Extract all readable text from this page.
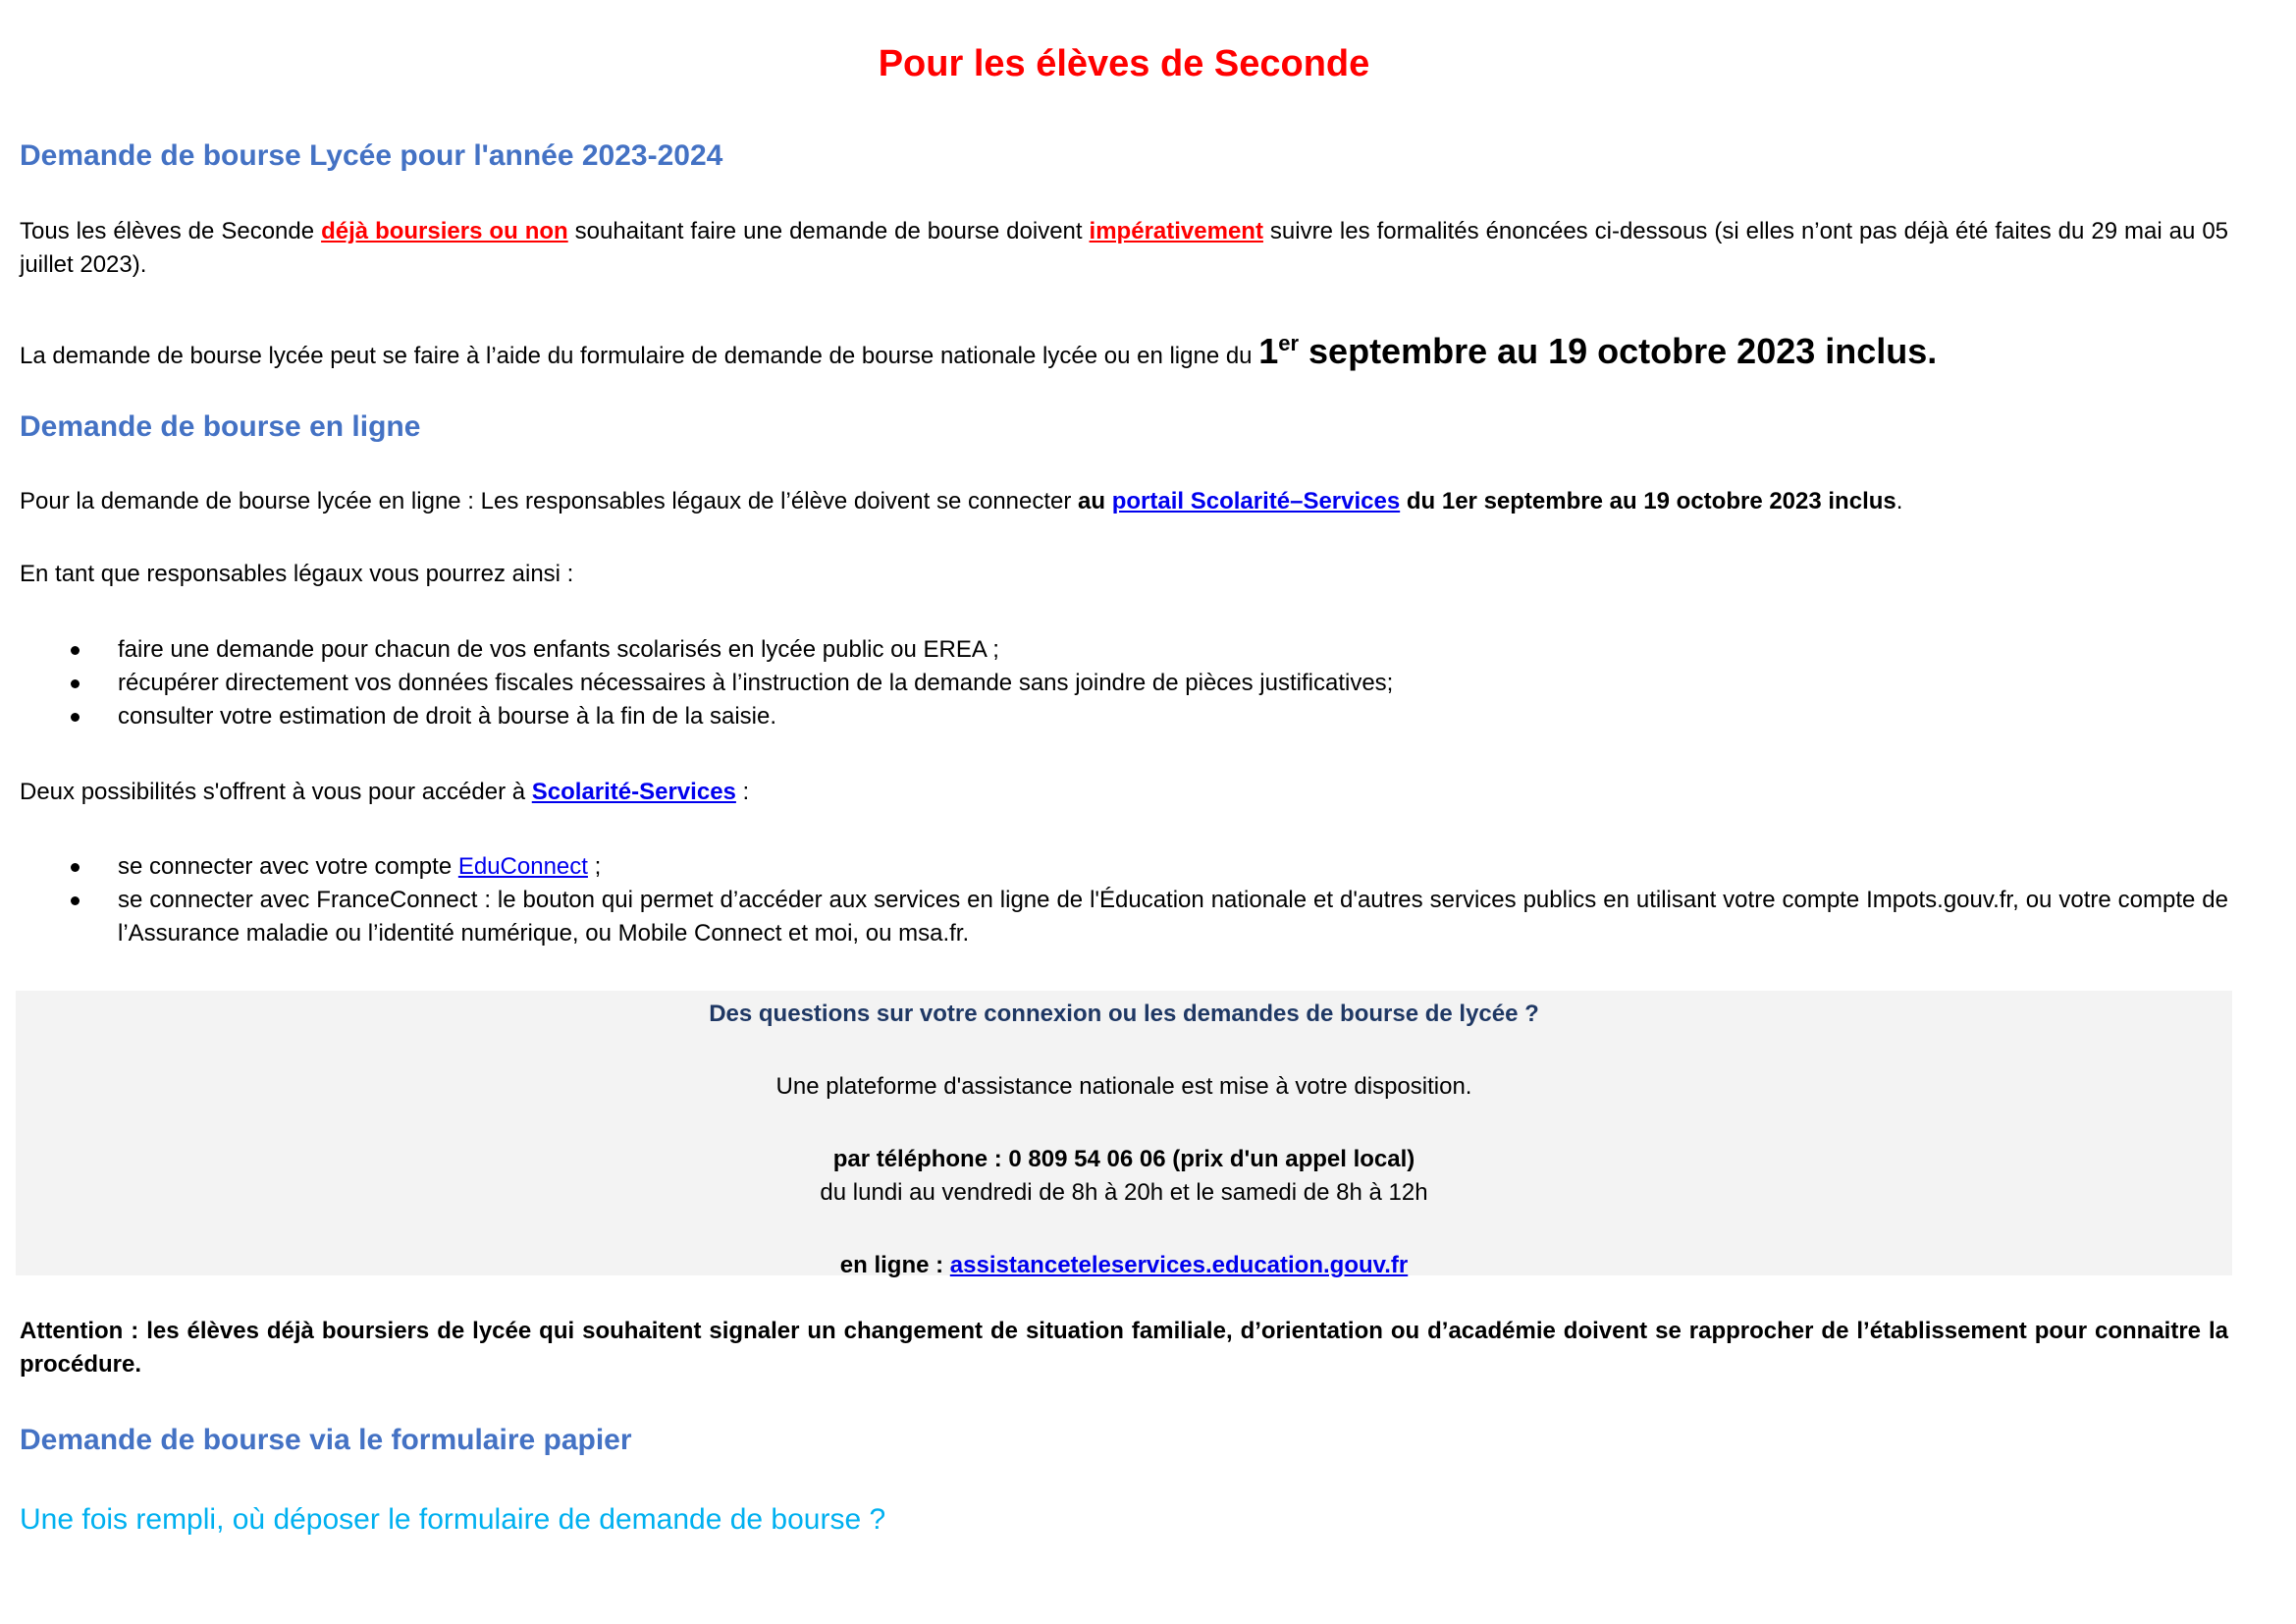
Pour les élèves de Seconde
Demande de bourse Lycée pour l'année 2023-2024

Tous les élèves de Seconde déjà boursiers ou non souhaitant faire une demande de bourse doivent impérativement suivre les formalités énoncées ci-dessous (si elles n’ont pas déjà été faites du 29 mai au 05 juillet 2023).

La demande de bourse lycée peut se faire à l’aide du formulaire de demande de bourse nationale lycée ou en ligne du 1er septembre au 19 octobre 2023 inclus.

Demande de bourse en ligne

Pour la demande de bourse lycée en ligne : Les responsables légaux de l’élève doivent se connecter au portail Scolarité–Services du 1er septembre au 19 octobre 2023 inclus.

En tant que responsables légaux vous pourrez ainsi :

faire une demande pour chacun de vos enfants scolarisés en lycée public ou EREA ;
récupérer directement vos données fiscales nécessaires à l’instruction de la demande sans joindre de pièces justificatives;
consulter votre estimation de droit à bourse à la fin de la saisie.

Deux possibilités s'offrent à vous pour accéder à Scolarité-Services :

se connecter avec votre compte EduConnect ;
se connecter avec FranceConnect : le bouton qui permet d’accéder aux services en ligne de l'Éducation nationale et d'autres services publics en utilisant votre compte Impots.gouv.fr, ou votre compte de l’Assurance maladie ou l’identité numérique, ou Mobile Connect et moi, ou msa.fr.

Des questions sur votre connexion ou les demandes de bourse de lycée ?

Une plateforme d'assistance nationale est mise à votre disposition.

par téléphone : 0 809 54 06 06 (prix d'un appel local)

du lundi au vendredi de 8h à 20h et le samedi de 8h à 12h

en ligne : assistanceteleservices.education.gouv.fr

Attention : les élèves déjà boursiers de lycée qui souhaitent signaler un changement de situation familiale, d’orientation ou d’académie doivent se rapprocher de l’établissement pour connaitre la procédure.

Demande de bourse via le formulaire papier

Une fois rempli, où déposer le formulaire de demande de bourse ?
